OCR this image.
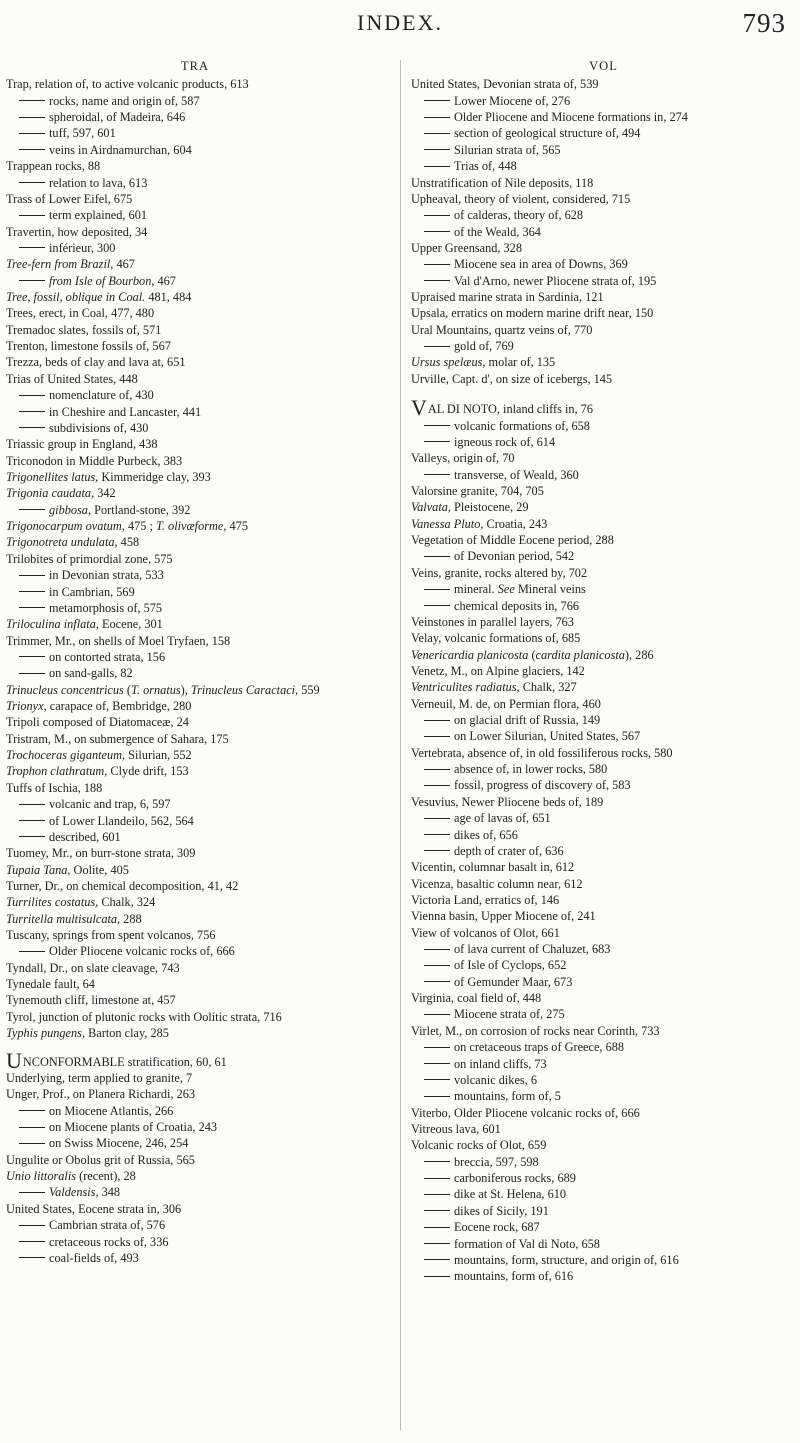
INDEX.	793
TRA
Trap, relation of, to active volcanic products, 613
rocks, name and origin of, 587
spheroidal, of Madeira, 646
tuff, 597, 601
veins in Airdnamurchan, 604
Trappean rocks, 88
relation to lava, 613
Trass of Lower Eifel, 675
term explained, 601
Travertin, how deposited, 34
inférieur, 300
Tree-fern from Brazil, 467
from Isle of Bourbon, 467
Tree, fossil, oblique in Coal. 481, 484
Trees, erect, in Coal, 477, 480
Tremadoc slates, fossils of, 571
Trenton, limestone fossils of, 567
Trezza, beds of clay and lava at, 651
Trias of United States, 448
nomenclature of, 430
in Cheshire and Lancaster, 441
subdivisions of, 430
Triassic group in England, 438
Triconodon in Middle Purbeck, 383
Trigonellites latus, Kimmeridge clay, 393
Trigonia caudata, 342
gibbosa, Portland-stone, 392
Trigonocarpum ovatum, 475 ; T. olivæforme, 475
Trigonotreta undulata, 458
Trilobites of primordial zone, 575
in Devonian strata, 533
in Cambrian, 569
metamorphosis of, 575
Triloculina inflata, Eocene, 301
Trimmer, Mr., on shells of Moel Tryfaen, 158
on contorted strata, 156
on sand-galls, 82
Trinucleus concentricus (T. ornatus), Trinucleus Caractaci, 559
Trionyx, carapace of, Bembridge, 280
Tripoli composed of Diatomaceæ, 24
Tristram, M., on submergence of Sahara, 175
Trochoceras giganteum, Silurian, 552
Trophon clathratum, Clyde drift, 153
Tuffs of Ischia, 188
volcanic and trap, 6, 597
of Lower Llandeilo, 562, 564
described, 601
Tuomey, Mr., on burr-stone strata, 309
Tupaia Tana, Oolite, 405
Turner, Dr., on chemical decomposition, 41, 42
Turrilites costatus, Chalk, 324
Turritella multisulcata, 288
Tuscany, springs from spent volcanos, 756
Older Pliocene volcanic rocks of, 666
Tyndall, Dr., on slate cleavage, 743
Tynedale fault, 64
Tynemouth cliff, limestone at, 457
Tyrol, junction of plutonic rocks with Oolitic strata, 716
Typhis pungens, Barton clay, 285
UNCONFORMABLE stratification, 60, 61
Underlying, term applied to granite, 7
Unger, Prof., on Planera Richardi, 263
on Miocene Atlantis, 266
on Miocene plants of Croatia, 243
on Swiss Miocene, 246, 254
Ungulite or Obolus grit of Russia, 565
Unio littoralis (recent), 28
Valdensis, 348
United States, Eocene strata in, 306
Cambrian strata of, 576
cretaceous rocks of, 336
coal-fields of, 493
VOL
United States, Devonian strata of, 539
Lower Miocene of, 276
Older Pliocene and Miocene formations in, 274
section of geological structure of, 494
Silurian strata of, 565
Trias of, 448
Unstratification of Nile deposits, 118
Upheaval, theory of violent, considered, 715
of calderas, theory of, 628
of the Weald, 364
Upper Greensand, 328
Miocene sea in area of Downs, 369
Val d'Arno, newer Pliocene strata of, 195
Upraised marine strata in Sardinia, 121
Upsala, erratics on modern marine drift near, 150
Ural Mountains, quartz veins of, 770
gold of, 769
Ursus spelæus, molar of, 135
Urville, Capt. d', on size of icebergs, 145
VAL DI NOTO, inland cliffs in, 76
volcanic formations of, 658
igneous rock of, 614
Valleys, origin of, 70
transverse, of Weald, 360
Valorsine granite, 704, 705
Valvata, Pleistocene, 29
Vanessa Pluto, Croatia, 243
Vegetation of Middle Eocene period, 288
of Devonian period, 542
Veins, granite, rocks altered by, 702
mineral. See Mineral veins
chemical deposits in, 766
Veinstones in parallel layers, 763
Velay, volcanic formations of, 685
Venericardia planicosta (cardita planicosta), 286
Venetz, M., on Alpine glaciers, 142
Ventriculites radiatus, Chalk, 327
Verneuil, M. de, on Permian flora, 460
on glacial drift of Russia, 149
on Lower Silurian, United States, 567
Vertebrata, absence of, in old fossiliferous rocks, 580
absence of, in lower rocks, 580
fossil, progress of discovery of, 583
Vesuvius, Newer Pliocene beds of, 189
age of lavas of, 651
dikes of, 656
depth of crater of, 636
Vicentin, columnar basalt in, 612
Vicenza, basaltic column near, 612
Victoria Land, erratics of, 146
Vienna basin, Upper Miocene of, 241
View of volcanos of Olot, 661
of lava current of Chaluzet, 683
of Isle of Cyclops, 652
of Gemunder Maar, 673
Virginia, coal field of, 448
Miocene strata of, 275
Virlet, M., on corrosion of rocks near Corinth, 733
on cretaceous traps of Greece, 688
on inland cliffs, 73
volcanic dikes, 6
mountains, form of, 5
Viterbo, Older Pliocene volcanic rocks of, 666
Vitreous lava, 601
Volcanic rocks of Olot, 659
breccia, 597, 598
carboniferous rocks, 689
dike at St. Helena, 610
dikes of Sicily, 191
Eocene rock, 687
formation of Val di Noto, 658
mountains, form, structure, and origin of, 616
mountains, form of, 616
